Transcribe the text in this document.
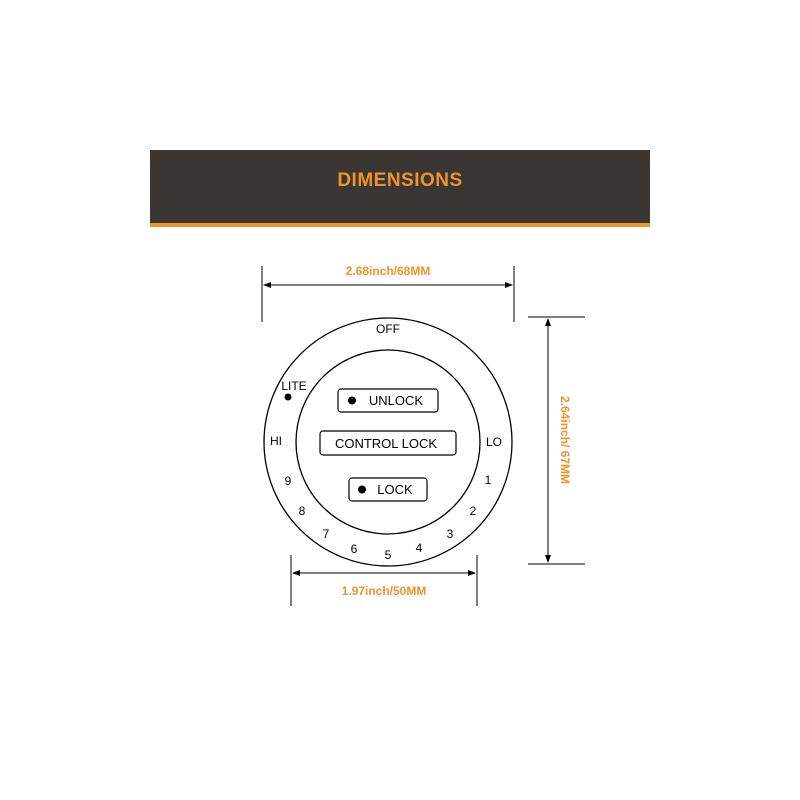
DIMENSIONS
2.68inch/68MM
2.64inch/ 67MM
1.97inch/50MM
OFF
LITE
HI	LO
1
2
3
4
5
6
7
8
9
UNLOCK
CONTROL LOCK
LOCK
